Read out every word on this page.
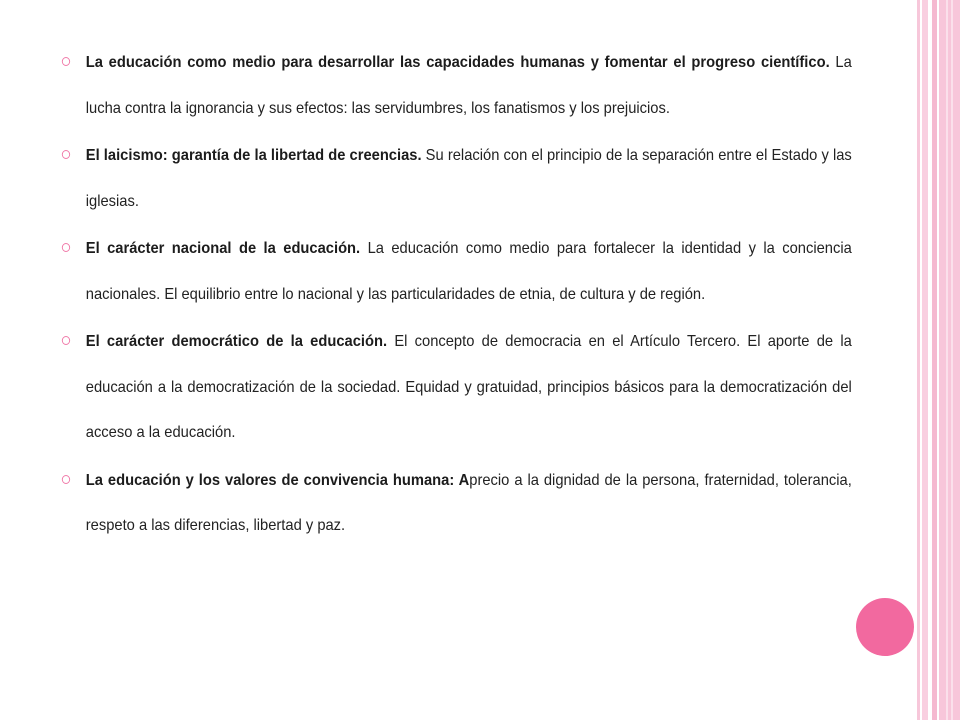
La educación como medio para desarrollar las capacidades humanas y fomentar el progreso científico. La lucha contra la ignorancia y sus efectos: las servidumbres, los fanatismos y los prejuicios.

El laicismo: garantía de la libertad de creencias. Su relación con el principio de la separación entre el Estado y las iglesias.

El carácter nacional de la educación. La educación como medio para fortalecer la identidad y la conciencia nacionales. El equilibrio entre lo nacional y las particularidades de etnia, de cultura y de región.

El carácter democrático de la educación. El concepto de democracia en el Artículo Tercero. El aporte de la educación a la democratización de la sociedad. Equidad y gratuidad, principios básicos para la democratización del acceso a la educación.

La educación y los valores de convivencia humana: Aprecio a la dignidad de la persona, fraternidad, tolerancia, respeto a las diferencias, libertad y paz.
